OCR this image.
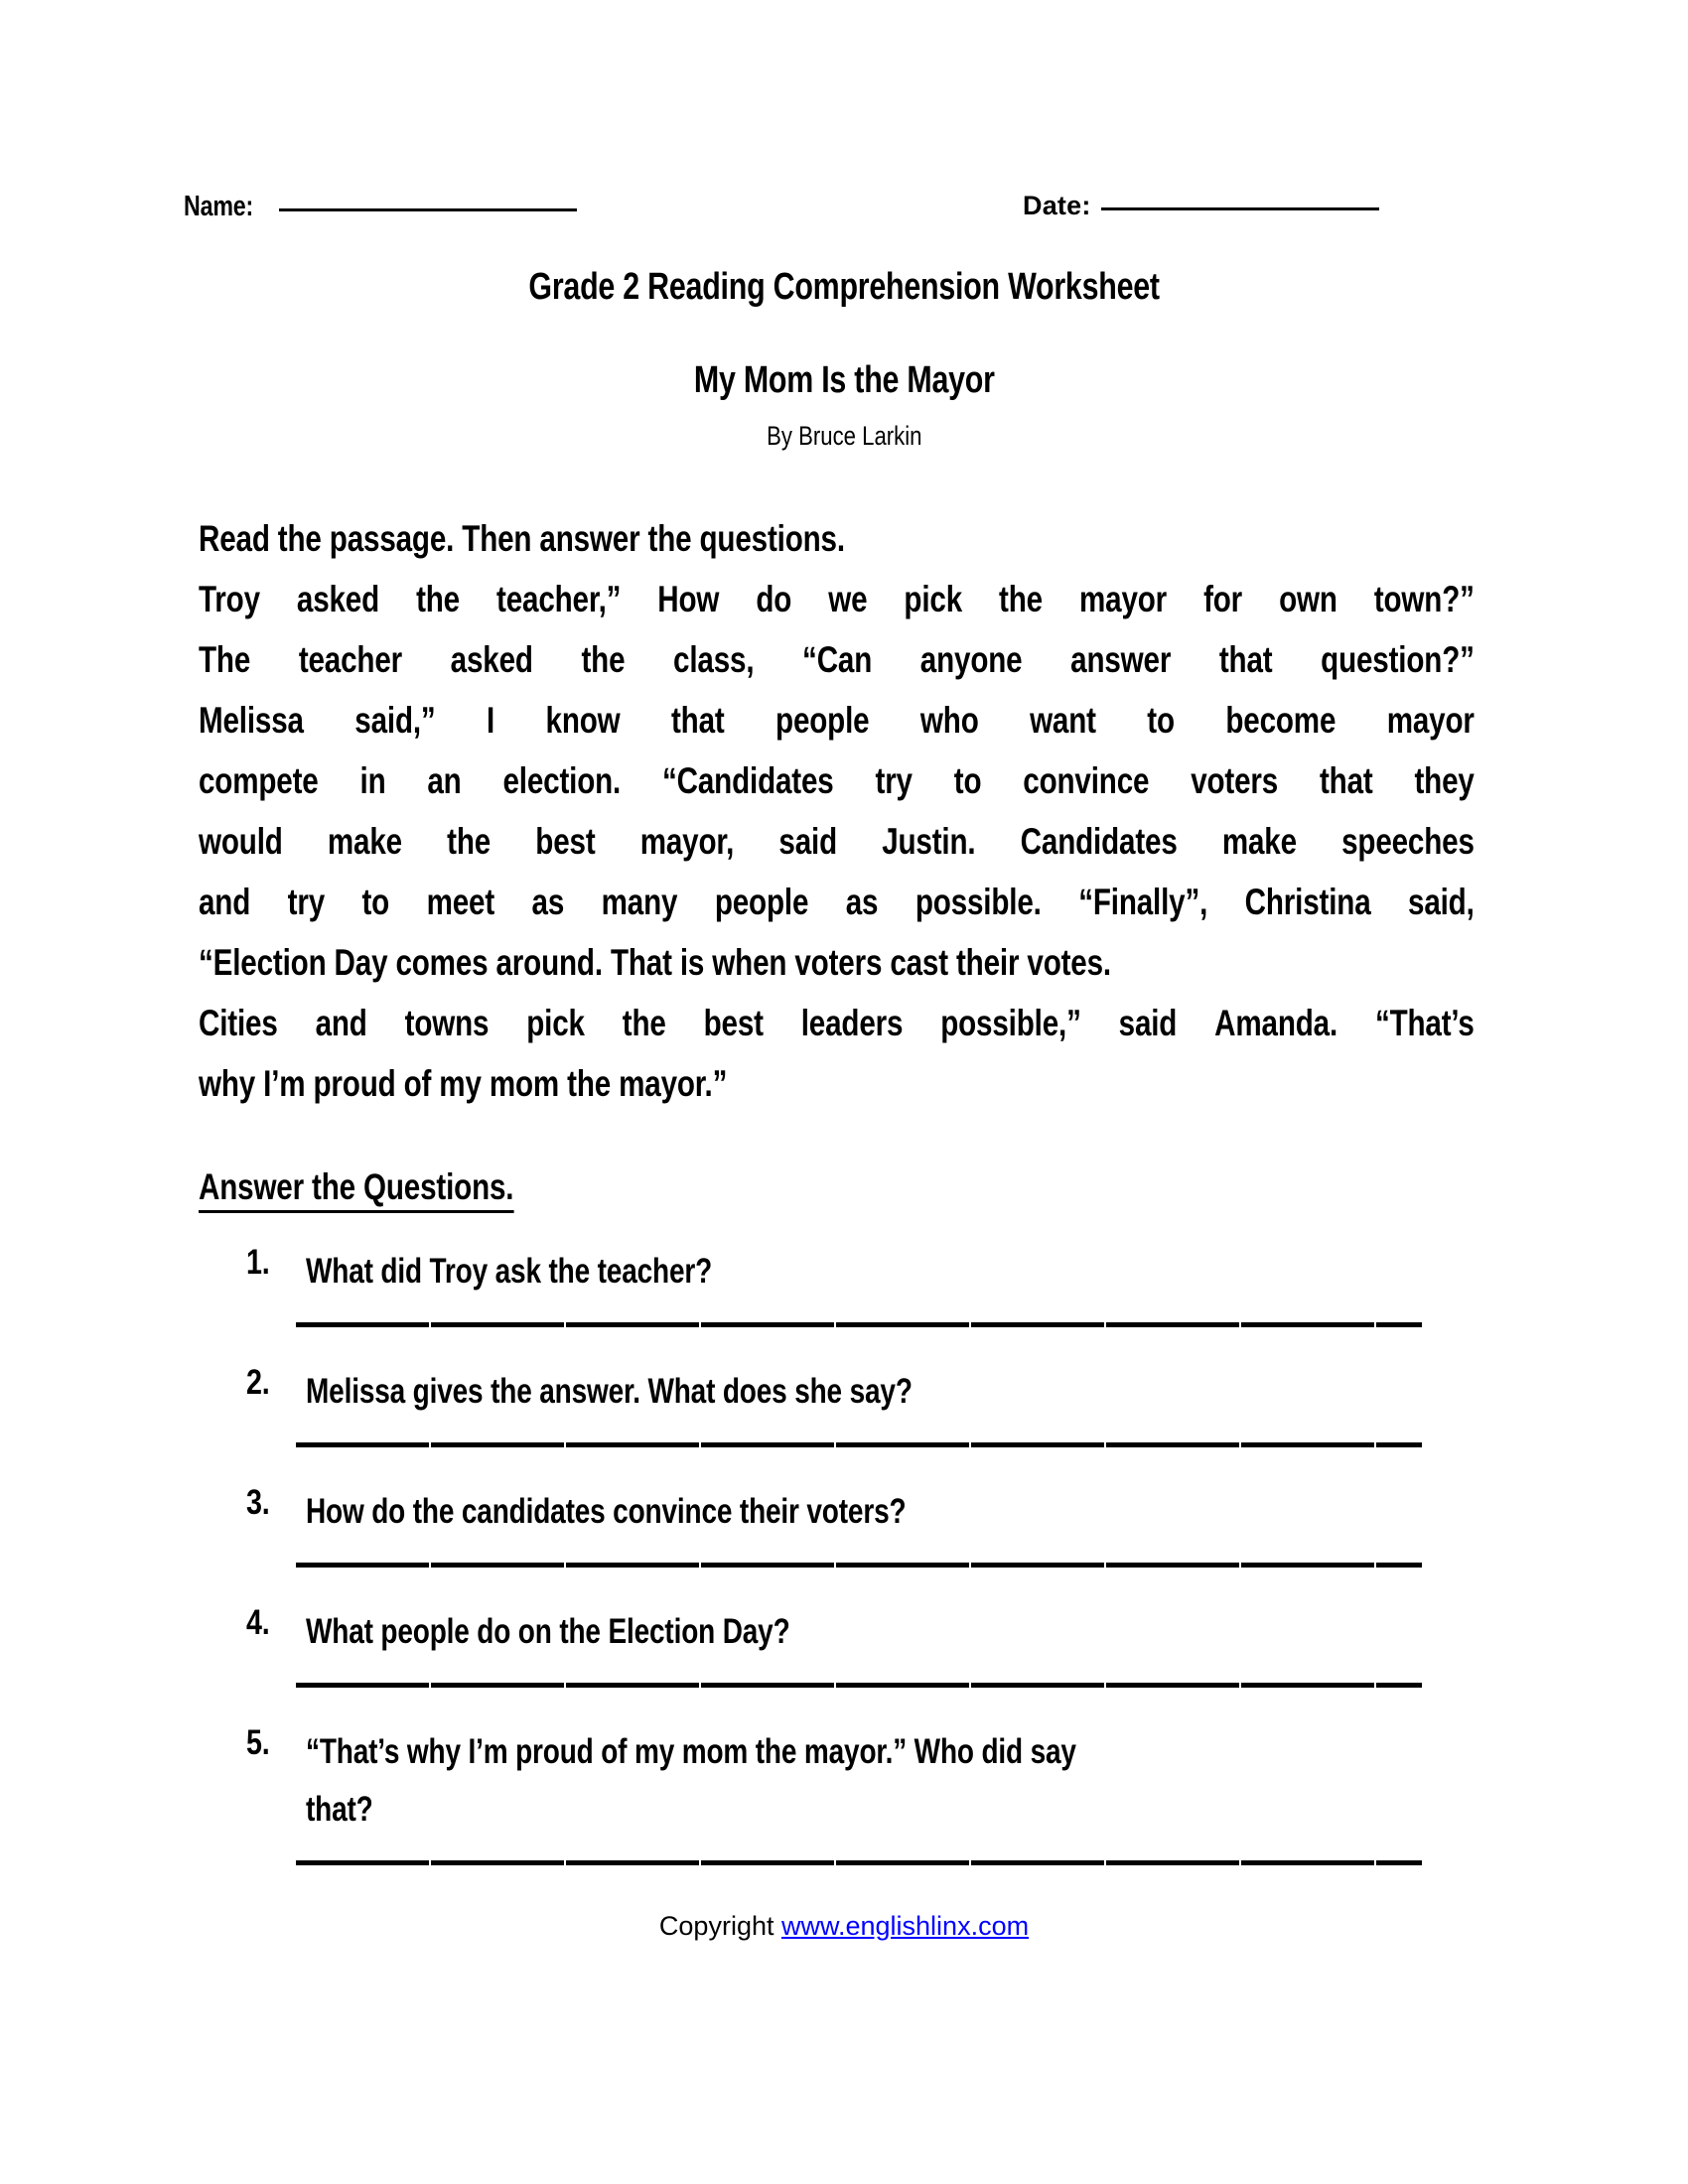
Name:	Date:
Grade 2 Reading Comprehension Worksheet
My Mom Is the Mayor
By Bruce Larkin
Read the passage. Then answer the questions.
Troy asked the teacher,” How do we pick the mayor for own town?”
The teacher asked the class, “Can anyone answer that question?”
Melissa said,” I know that people who want to become mayor
compete in an election. “Candidates try to convince voters that they
would make the best mayor, said Justin. Candidates make speeches
and try to meet as many people as possible. “Finally”, Christina said,
“Election Day comes around. That is when voters cast their votes.
Cities and towns pick the best leaders possible,” said Amanda. “That’s
why I’m proud of my mom the mayor.”
Answer the Questions.
1.	What did Troy ask the teacher?
2.	Melissa gives the answer. What does she say?
3.	How do the candidates convince their voters?
4.	What people do on the Election Day?
5.	“That’s why I’m proud of my mom the mayor.” Who did say
that?
Copyright www.englishlinx.com
